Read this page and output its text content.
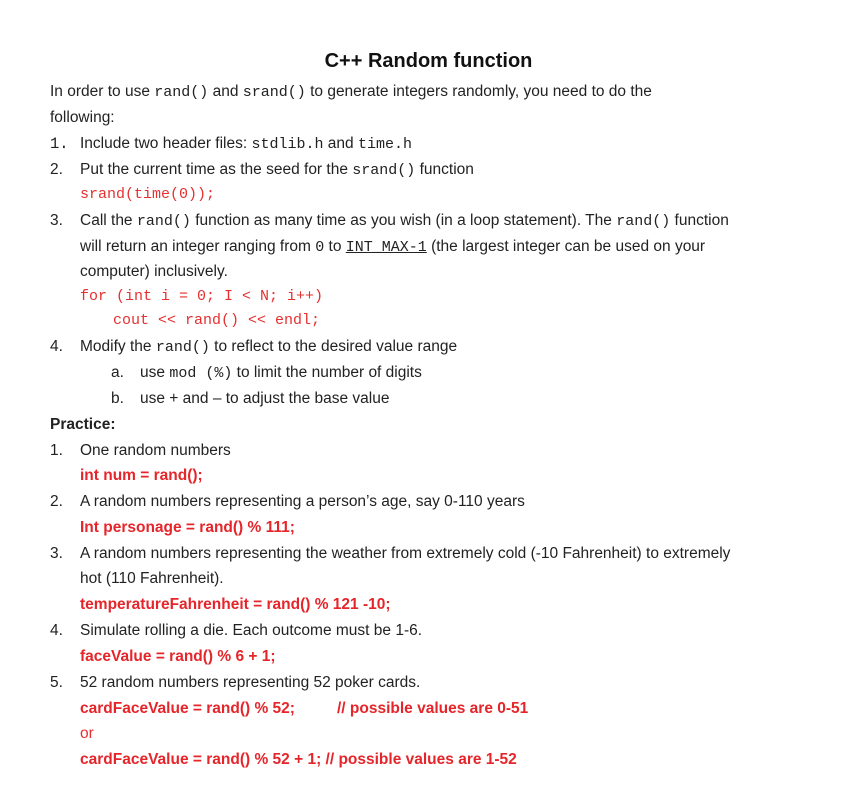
C++ Random function
In order to use rand() and srand() to generate integers randomly, you need to do the
following:
1. Include two header files: stdlib.h and time.h
2. Put the current time as the seed for the srand() function
srand(time(0));
3. Call the rand() function as many time as you wish (in a loop statement). The rand() function
will return an integer ranging from 0 to INT_MAX-1 (the largest integer can be used on your
computer) inclusively.
for (int i = 0; I < N; i++)
cout << rand() << endl;
4. Modify the rand() to reflect to the desired value range
a. use mod (%) to limit the number of digits
b. use + and – to adjust the base value
Practice:
1. One random numbers
int num = rand();
2. A random numbers representing a person’s age, say 0-110 years
Int personage = rand() % 111;
3. A random numbers representing the weather from extremely cold (-10 Fahrenheit) to extremely
hot (110 Fahrenheit).
temperatureFahrenheit = rand() % 121 -10;
4. Simulate rolling a die. Each outcome must be 1-6.
faceValue = rand() % 6 + 1;
5. 52 random numbers representing 52 poker cards.
cardFaceValue = rand() % 52;	// possible values are 0-51
or
cardFaceValue = rand() % 52 + 1; // possible values are 1-52
